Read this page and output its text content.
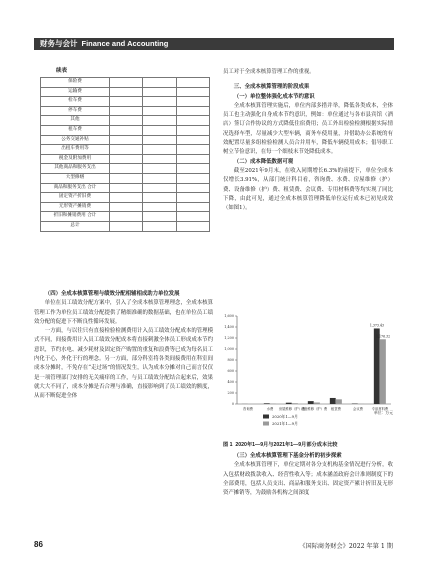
财务与会计 Finance and Accounting
续表
保险费			
运输费			
检车费			
停车费			
其他			
租车费			
公务交通补贴			
出租车费用等			
税金及附加费用			
其他商品和服务支出			
大型修缮			
商品和服务支出 合计			
固定资产折旧费			
无形资产摊销费			
折旧和摊销费用 合计			
总计			

（四）全成本核算管理与绩效分配相辅相成助力单位发展

单位在员工绩效分配方案中，引入了全成本核算管理理念，全成本核算管理工作为单位员工绩效分配提供了精细准确的数据基础，也在单位员工绩效分配的促进下不断良性循环发展。

一方面，与以往只有直接检验检测费用计入员工绩效分配成本的管理模式不同，间接费用计入员工绩效分配成本将直接刺激全体员工形成成本节约意识，节约水电、减少耗材及固定资产购置的重复和浪费等已成为每名员工内化于心，外化于行的理念。另一方面，部分科室将各类间接费用在科室间成本分摊时，不免存在“走过场”的情况发生，认为成本分摊对自己而言仅仅是一项管理部门安排的无关痛痒的工作，与员工绩效分配结合起来后，效果就大大不同了，成本分摊是否合理与准确，直接影响到了员工绩效的额度，从而不断促进全体

员工对于全成本核算管理工作的重视。

三、全成本核算管理的阶段成果

（一）单位整体强化成本节约意识

全成本核算管理实施后，单位内部多措并举，降低各类成本，全体员工也主动强化自身成本节约意识，例如：单位通过与各市县宾馆（酒店）签订合作协议的方式降低住宿费用；员工外出检验检测根据实际情况选择车型，尽量减少大型车辆，商务车使用量，并借助办公系统的有效配置尽量多组检验检测人员合并用车，降低车辆使用成本；倡导职工树立节俭意识，在每一个细枝末节处降低成本。

（二）成本降低数据可观

截至2021年9月末，在收入同期增长6.3%的前提下，单位全成本仅增长3.91%，从部门统计科目看，咨询费、水费、房屋维修（护）费、设备维修（护）费、租赁费、会议费、专用材料费等均实现了同比下降，由此可见，通过全成本核算管理降低单位运行成本已初见成效（如图1）。

0
200
400
600
800
1,000
1,200
1,400
1,600
咨询费	水费 房屋维修（护）费
设备维修（护）费 租赁费	会议费	专用材料费
1,373.43
1,176.32
2020年1—9月
2021年1—9月
单位：万元
图 1 2020年1—9月与2021年1—9月部分成本比较

（三）全成本核算管理下基金分析的初步探索

全成本核算管理下，单位定期对各分支机构基金情况进行分析，收入包括财政拨款收入、经营性收入等；成本涵盖政府会计准则制度下的全部费用，包括人员支出、商品和服务支出、固定资产累计折旧及无形资产摊销等，为鼓励各机构之间深度

86	《国际商务财会》2022 年第 1 期
